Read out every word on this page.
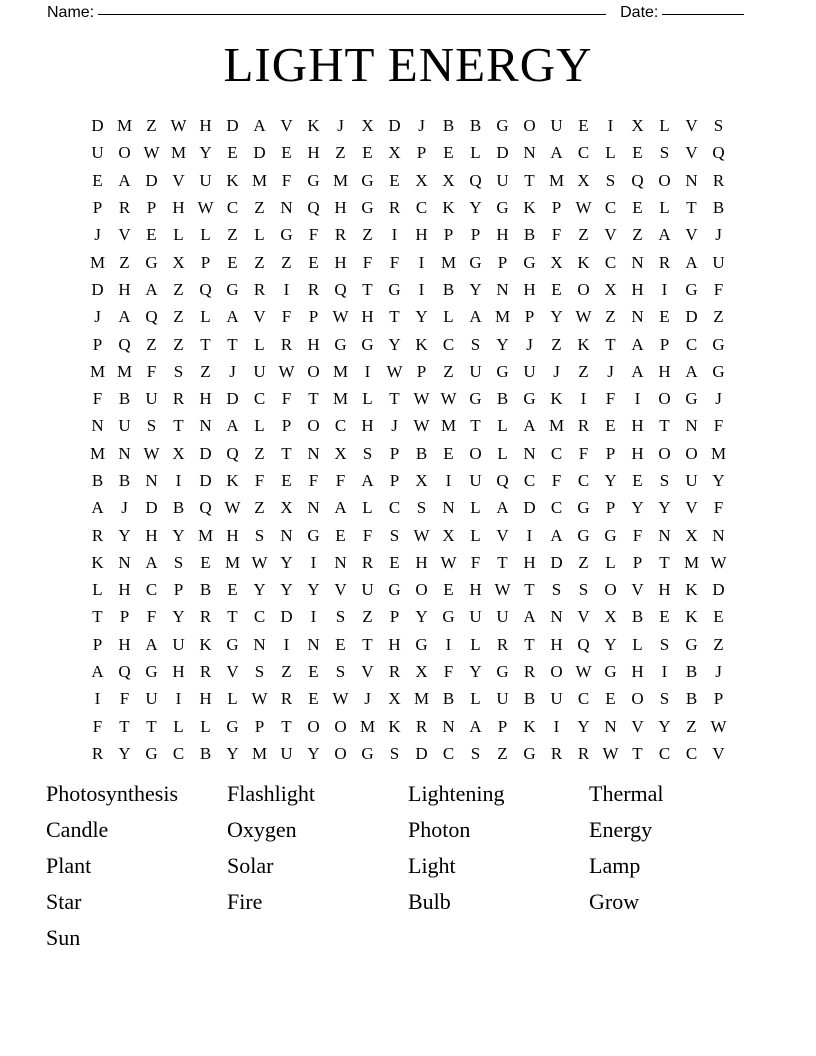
Name:	Date:
LIGHT ENERGY
D M Z W H D A V K	J	X D	J	B B G O U E	I	X L V S
U O W M Y E D E H Z E X P	E L D N A C L E	S V Q
E A D V U K M F G M G E X X Q U T M X S Q O N R
P R P H W C Z N Q H G R C K Y G K P W C E L T B
J	V E L L Z L G F R Z	I	H P	P H B F	Z V Z A V	J
M Z G X P	E Z Z E H F	F	I M G P G X K C N R A U
D H A Z Q G R	I	R Q T G	I	B Y N H E O X H	I	G F
J	A Q Z L A V F	P W H T Y L A M P Y W Z N E D Z
P Q Z Z T T L R H G G Y K C S Y	J	Z K T A P C G
M M F	S	Z	J	U W O M I W P	Z U G U	J	Z	J	A H A G
F B U R H D C F	T M L T W W G B G K	I	F	I	O G	J
N U S	T N A L	P O C H	J W M T L A M R E H T N F
M N W X D Q Z T N X S	P B E O L N C F	P H O O M
B B N	I	D K F	E	F	F A P X	I	U Q C F C Y E	S U Y
A	J	D B Q W Z X N A L C S N L A D C G P Y Y V F
R Y H Y M H S N G E	F	S W X L V	I	A G G F N X N
K N A S	E M W Y	I	N R E H W F	T H D Z L	P	T M W
L H C P B E Y Y Y V U G O E H W T	S	S O V H K D
T	P	F Y R T C D	I	S	Z	P Y G U U A N V X B E K E
P H A U K G N	I	N E T H G	I	L R T H Q Y L	S G Z
A Q G H R V S	Z E	S V R X F Y G R O W G H	I	B	J
I	F U	I	H L W R E W J	X M B L U B U C E O S B P
F	T T L L G P	T O O M K R N A P K	I	Y N V Y Z W
R Y G C B Y M U Y O G S D C S	Z G R R W T C C V
Photosynthesis	Flashlight	Lightening	Thermal
Candle	Oxygen	Photon	Energy
Plant	Solar	Light	Lamp
Star	Fire	Bulb	Grow
Sun
